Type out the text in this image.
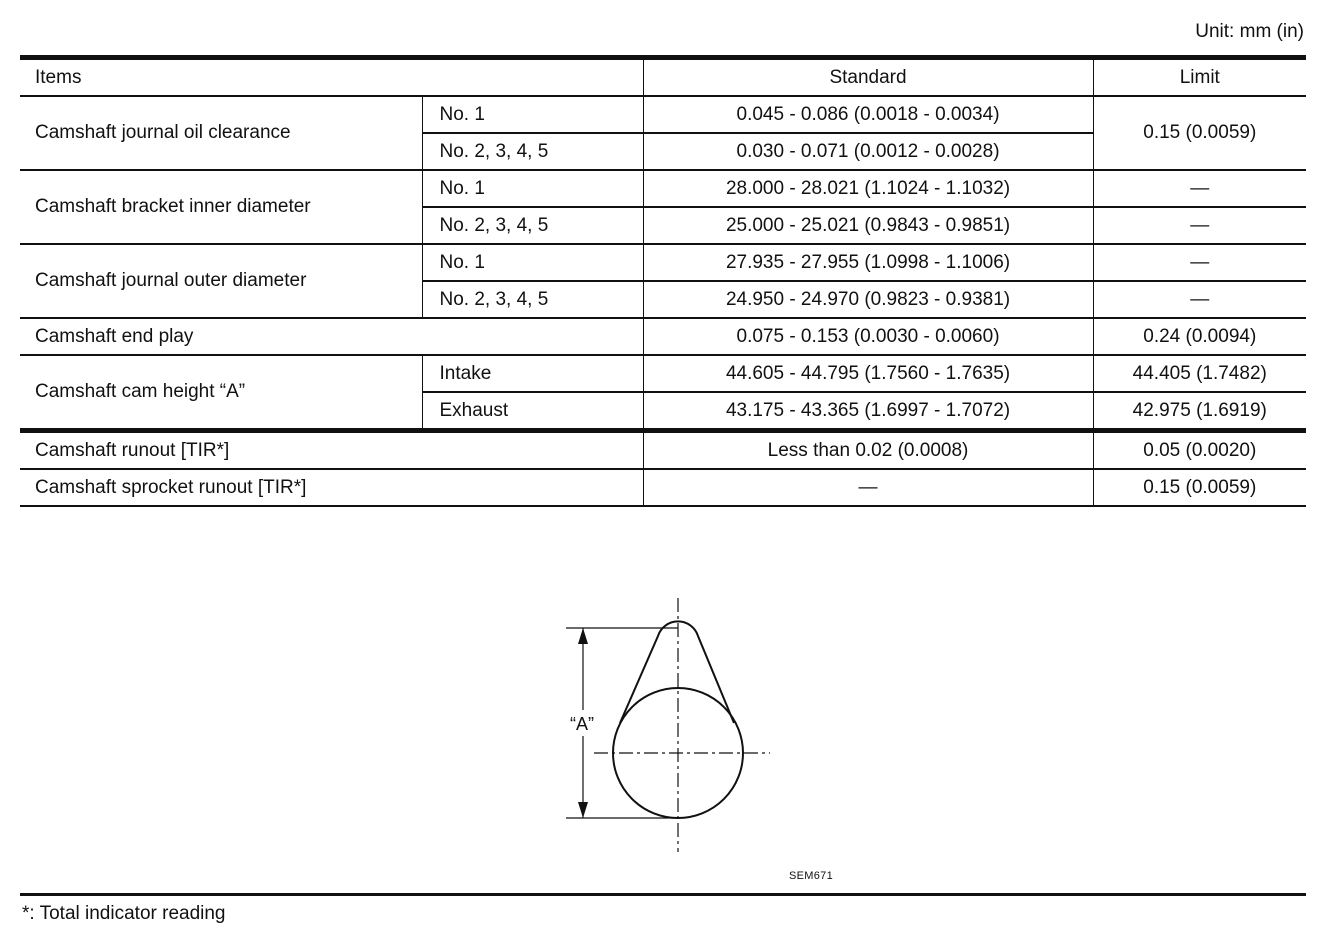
Unit: mm (in)
Items		Standard	Limit
Camshaft journal oil clearance	No. 1	0.045 - 0.086 (0.0018 - 0.0034)	0.15 (0.0059)
	No. 2, 3, 4, 5	0.030 - 0.071 (0.0012 - 0.0028)	
Camshaft bracket inner diameter	No. 1	28.000 - 28.021 (1.1024 - 1.1032)	—
	No. 2, 3, 4, 5	25.000 - 25.021 (0.9843 - 0.9851)	—
Camshaft journal outer diameter	No. 1	27.935 - 27.955 (1.0998 - 1.1006)	—
	No. 2, 3, 4, 5	24.950 - 24.970 (0.9823 - 0.9381)	—
Camshaft end play		0.075 - 0.153 (0.0030 - 0.0060)	0.24 (0.0094)
Camshaft cam height “A”	Intake	44.605 - 44.795 (1.7560 - 1.7635)	44.405 (1.7482)
	Exhaust	43.175 - 43.365 (1.6997 - 1.7072)	42.975 (1.6919)
Camshaft runout [TIR*]		Less than 0.02 (0.0008)	0.05 (0.0020)
Camshaft sprocket runout [TIR*]		—	0.15 (0.0059)
“A”
SEM671
*: Total indicator reading
